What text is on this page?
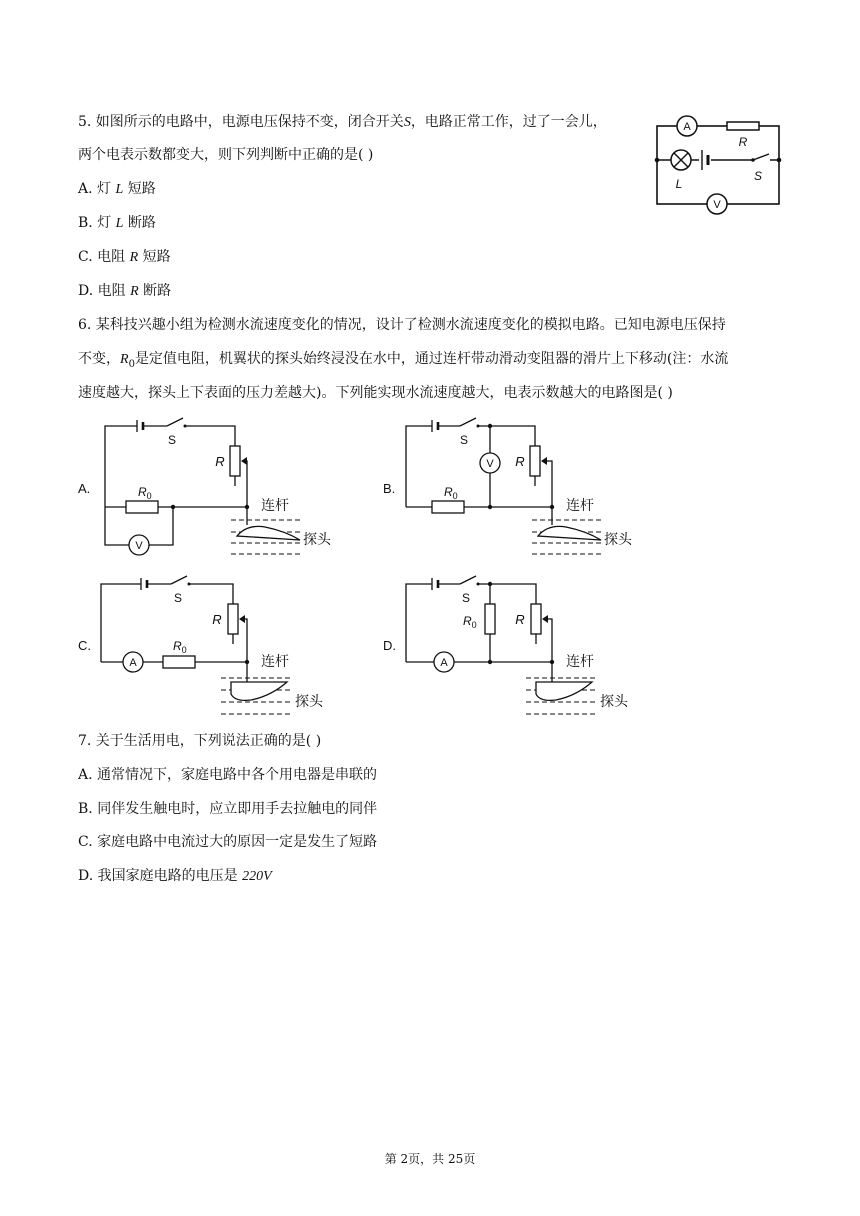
5. 如图所示的电路中，电源电压保持不变，闭合开关S，电路正常工作，过了一会儿，
两个电表示数都变大，则下列判断中正确的是( )
A. 灯 L 短路
B. 灯 L 断路
C. 电阻 R 短路
D. 电阻 R 断路
A
R
L
S
V
6. 某科技兴趣小组为检测水流速度变化的情况，设计了检测水流速度变化的模拟电路。已知电源电压保持
不变，$R_0$是定值电阻，机翼状的探头始终浸没在水中，通过连杆带动滑动变阻器的滑片上下移动(注：水流
速度越大，探头上下表面的压力差越大)。下列能实现水流速度越大，电表示数越大的电路图是( )
A.
V
S
R
$R_0$
连杆
探头
B.
V
S
R
$R_0$
连杆
探头
C.
A
S
R
$R_0$
连杆
探头
D.
A
S
R
$R_0$
连杆
探头
7. 关于生活用电，下列说法正确的是( )
A. 通常情况下，家庭电路中各个用电器是串联的
B. 同伴发生触电时，应立即用手去拉触电的同伴
C. 家庭电路中电流过大的原因一定是发生了短路
D. 我国家庭电路的电压是 220V
第 2页，共 25页
